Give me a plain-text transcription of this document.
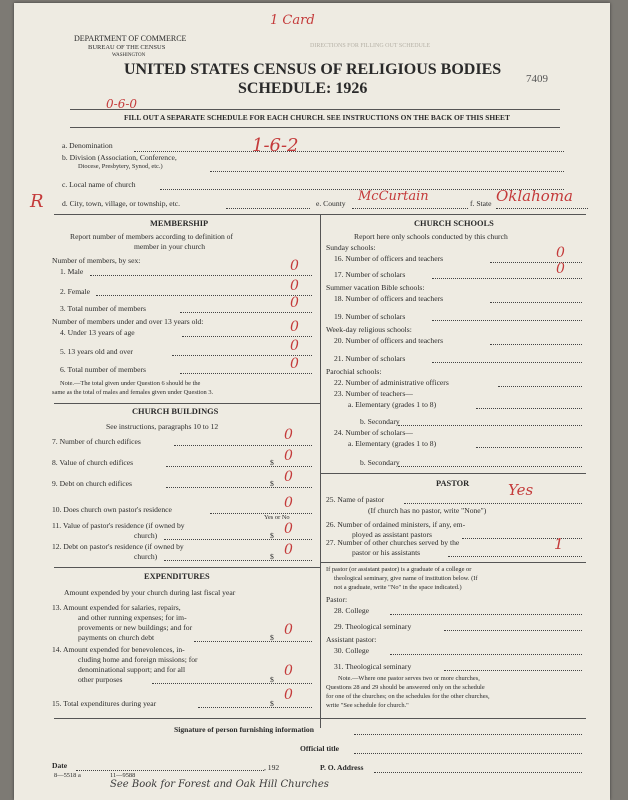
1 Card
DEPARTMENT OF COMMERCE
BUREAU OF THE CENSUS
WASHINGTON
DIRECTIONS FOR FILLING OUT SCHEDULE
7409
UNITED STATES CENSUS OF RELIGIOUS BODIES
SCHEDULE: 1926
0-6-0
FILL OUT A SEPARATE SCHEDULE FOR EACH CHURCH. SEE INSTRUCTIONS ON THE BACK OF THIS SHEET
a. Denomination	1-6-2
b. Division (Association, Conference,
Diocese, Presbytery, Synod, etc.)
c. Local name of church
R d. City, town, village, or township, etc.	e. County McCurtain	f. State Oklahoma
MEMBERSHIP
Report number of members according to definition of
member in your church
Number of members, by sex:
1. Male	0
2. Female	0
3. Total number of members	0
Number of members under and over 13 years old:
4. Under 13 years of age	0
5. 13 years old and over	0
6. Total number of members	0
Note.—The total given under Question 6 should be the
same as the total of males and females given under Question 3.
CHURCH BUILDINGS
See instructions, paragraphs 10 to 12
7. Number of church edifices	0
8. Value of church edifices	$ 0
9. Debt on church edifices	$ 0
10. Does church own pastor's residence
Yes or No
0
11. Value of pastor's residence (if owned by
church)	$ 0
12. Debt on pastor's residence (if owned by
church)	$ 0
EXPENDITURES
Amount expended by your church during last fiscal year
13. Amount expended for salaries, repairs,
and other running expenses; for im-
provements or new buildings; and for
payments on church debt	$ 0
14. Amount expended for benevolences, in-
cluding home and foreign missions; for
denominational support; and for all
other purposes	$
0
15. Total expenditures during year	$
0
CHURCH SCHOOLS
Report here only schools conducted by this church
Sunday schools:
16. Number of officers and teachers	0
17. Number of scholars	0
Summer vacation Bible schools:
18. Number of officers and teachers
19. Number of scholars
Week-day religious schools:
20. Number of officers and teachers
21. Number of scholars
Parochial schools:
22. Number of administrative officers
23. Number of teachers—
a. Elementary (grades 1 to 8)
b. Secondary
24. Number of scholars—
a. Elementary (grades 1 to 8)
b. Secondary
PASTOR
25. Name of pastor
Yes
(If church has no pastor, write "None")
26. Number of ordained ministers, if any, em-
ployed as assistant pastors
27. Number of other churches served by the
pastor or his assistants	1
If pastor (or assistant pastor) is a graduate of a college or
theological seminary, give name of institution below. (If
not a graduate, write "No" in the space indicated.)
Pastor:
28. College
29. Theological seminary
Assistant pastor:
30. College
31. Theological seminary
Note.—Where one pastor serves two or more churches,
Questions 28 and 29 should be answered only on the schedule
for one of the churches; on the schedules for the other churches,
write "See schedule for church."
Signature of person furnishing information
Official title
Date	, 192	P. O. Address
8—5518 a	11—9588
See Book for Forest and Oak Hill Churches
